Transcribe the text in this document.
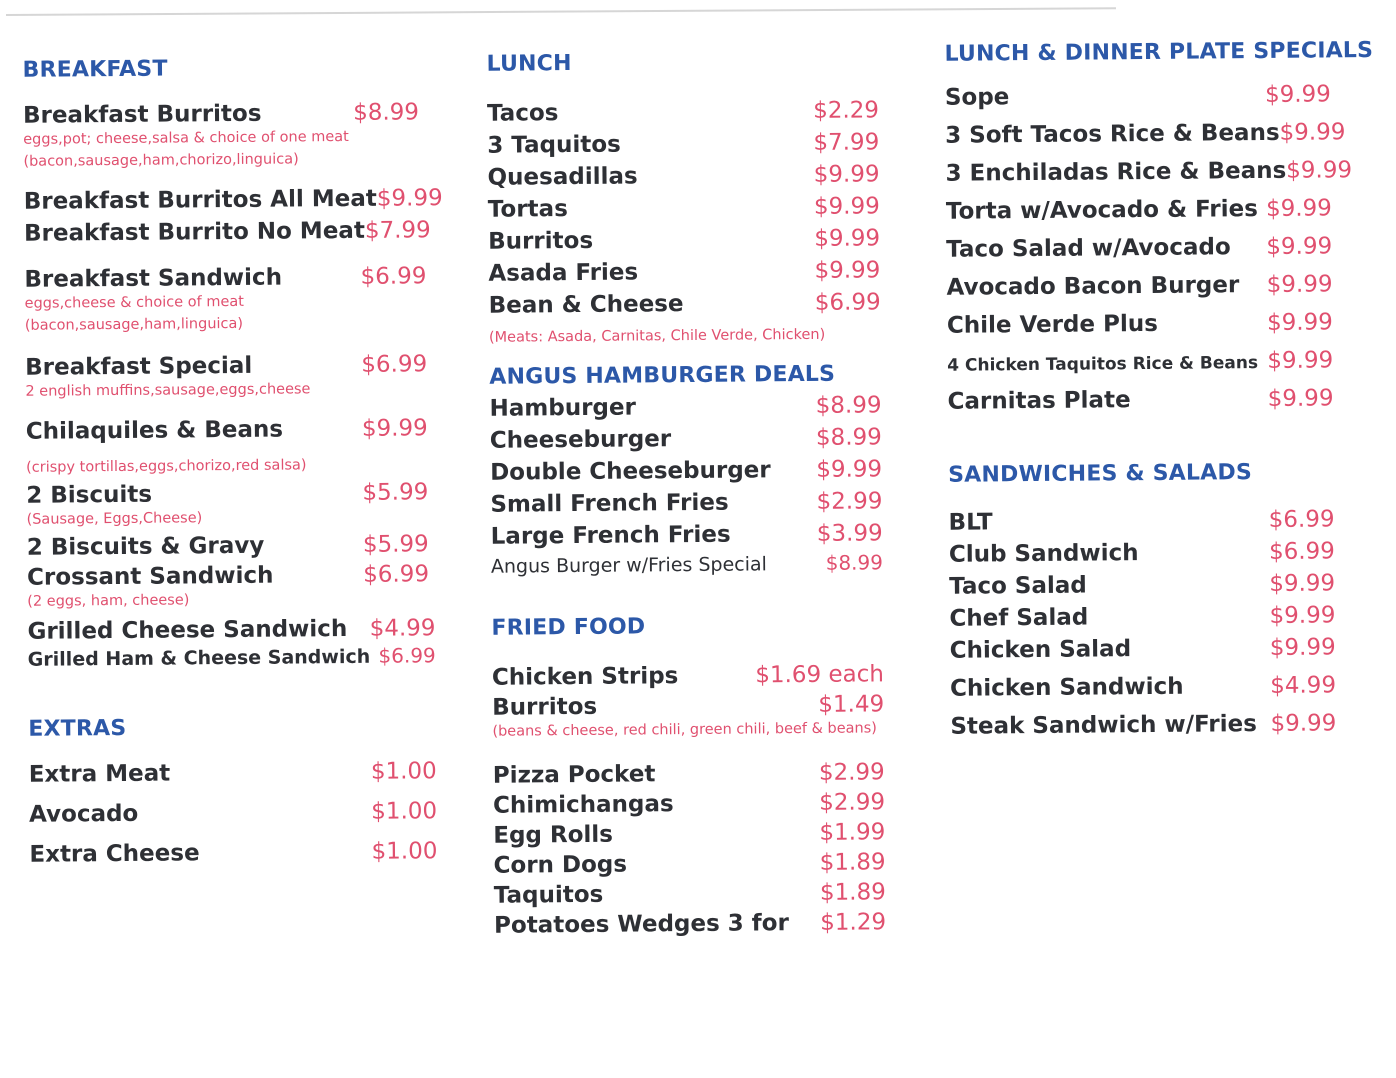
BREAKFAST
Breakfast Burritos	$8.99
eggs,pot; cheese,salsa & choice of one meat
(bacon,sausage,ham,chorizo,linguica)
Breakfast Burritos All Meat $9.99
Breakfast Burrito No Meat $7.99
Breakfast Sandwich	$6.99
eggs,cheese & choice of meat
(bacon,sausage,ham,linguica)
Breakfast Special	$6.99
2 english muffins,sausage,eggs,cheese
Chilaquiles & Beans	$9.99
(crispy tortillas,eggs,chorizo,red salsa)
2 Biscuits	$5.99
(Sausage, Eggs,Cheese)
2 Biscuits & Gravy	$5.99
Crossant Sandwich	$6.99
(2 eggs, ham, cheese)
Grilled Cheese Sandwich $4.99
Grilled Ham & Cheese Sandwich $6.99
EXTRAS
Extra Meat	$1.00
Avocado	$1.00
Extra Cheese	$1.00
LUNCH
Tacos	$2.29
3 Taquitos	$7.99
Quesadillas	$9.99
Tortas	$9.99
Burritos	$9.99
Asada Fries	$9.99
Bean & Cheese	$6.99
(Meats: Asada, Carnitas, Chile Verde, Chicken)
ANGUS HAMBURGER DEALS
Hamburger	$8.99
Cheeseburger	$8.99
Double Cheeseburger $9.99
Small French Fries	$2.99
Large French Fries	$3.99
Angus Burger w/Fries Special	$8.99
FRIED FOOD
Chicken Strips	$1.69 each
Burritos	$1.49
(beans & cheese, red chili, green chili, beef & beans)
Pizza Pocket	$2.99
Chimichangas	$2.99
Egg Rolls	$1.99
Corn Dogs	$1.89
Taquitos	$1.89
Potatoes Wedges 3 for $1.29
LUNCH & DINNER PLATE SPECIALS
Sope	$9.99
3 Soft Tacos Rice & Beans $9.99
3 Enchiladas Rice & Beans $9.99
Torta w/Avocado & Fries $9.99
Taco Salad w/Avocado $9.99
Avocado Bacon Burger $9.99
Chile Verde Plus	$9.99
4 Chicken Taquitos Rice & Beans $9.99
Carnitas Plate	$9.99
SANDWICHES & SALADS
BLT	$6.99
Club Sandwich	$6.99
Taco Salad	$9.99
Chef Salad	$9.99
Chicken Salad	$9.99
Chicken Sandwich	$4.99
Steak Sandwich w/Fries $9.99
